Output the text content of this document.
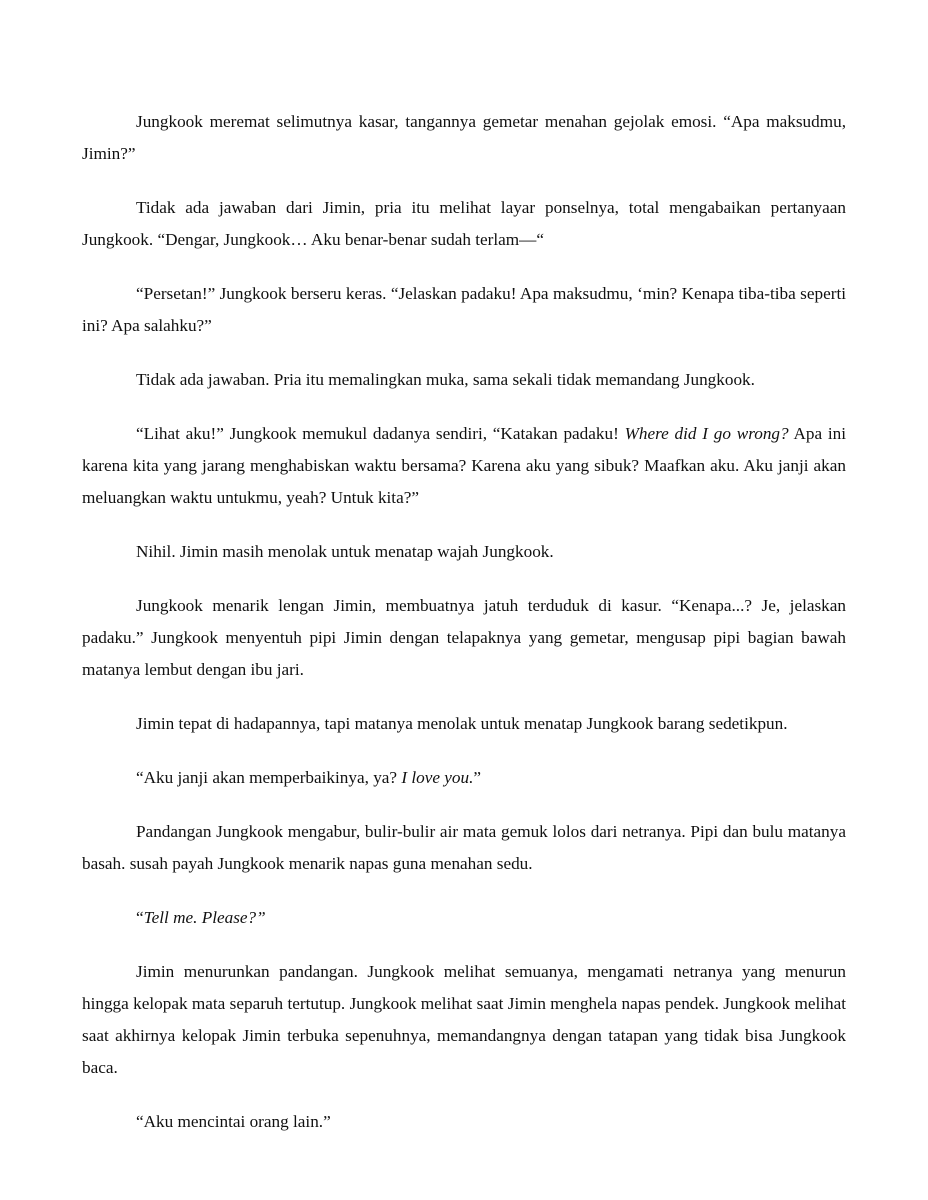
Jungkook meremat selimutnya kasar, tangannya gemetar menahan gejolak emosi. “Apa maksudmu, Jimin?”

Tidak ada jawaban dari Jimin, pria itu melihat layar ponselnya, total mengabaikan pertanyaan Jungkook. “Dengar, Jungkook… Aku benar-benar sudah terlam—“

“Persetan!” Jungkook berseru keras. “Jelaskan padaku! Apa maksudmu, ‘min? Kenapa tiba-tiba seperti ini? Apa salahku?”

Tidak ada jawaban. Pria itu memalingkan muka, sama sekali tidak memandang Jungkook.

“Lihat aku!” Jungkook memukul dadanya sendiri, “Katakan padaku! Where did I go wrong? Apa ini karena kita yang jarang menghabiskan waktu bersama? Karena aku yang sibuk? Maafkan aku. Aku janji akan meluangkan waktu untukmu, yeah? Untuk kita?”

Nihil. Jimin masih menolak untuk menatap wajah Jungkook.

Jungkook menarik lengan Jimin, membuatnya jatuh terduduk di kasur. “Kenapa...? Je, jelaskan padaku.” Jungkook menyentuh pipi Jimin dengan telapaknya yang gemetar, mengusap pipi bagian bawah matanya lembut dengan ibu jari.

Jimin tepat di hadapannya, tapi matanya menolak untuk menatap Jungkook barang sedetikpun.

“Aku janji akan memperbaikinya, ya? I love you.”

Pandangan Jungkook mengabur, bulir-bulir air mata gemuk lolos dari netranya. Pipi dan bulu matanya basah. susah payah Jungkook menarik napas guna menahan sedu.

“Tell me. Please?”

Jimin menurunkan pandangan. Jungkook melihat semuanya, mengamati netranya yang menurun hingga kelopak mata separuh tertutup. Jungkook melihat saat Jimin menghela napas pendek. Jungkook melihat saat akhirnya kelopak Jimin terbuka sepenuhnya, memandangnya dengan tatapan yang tidak bisa Jungkook baca.

“Aku mencintai orang lain.”
